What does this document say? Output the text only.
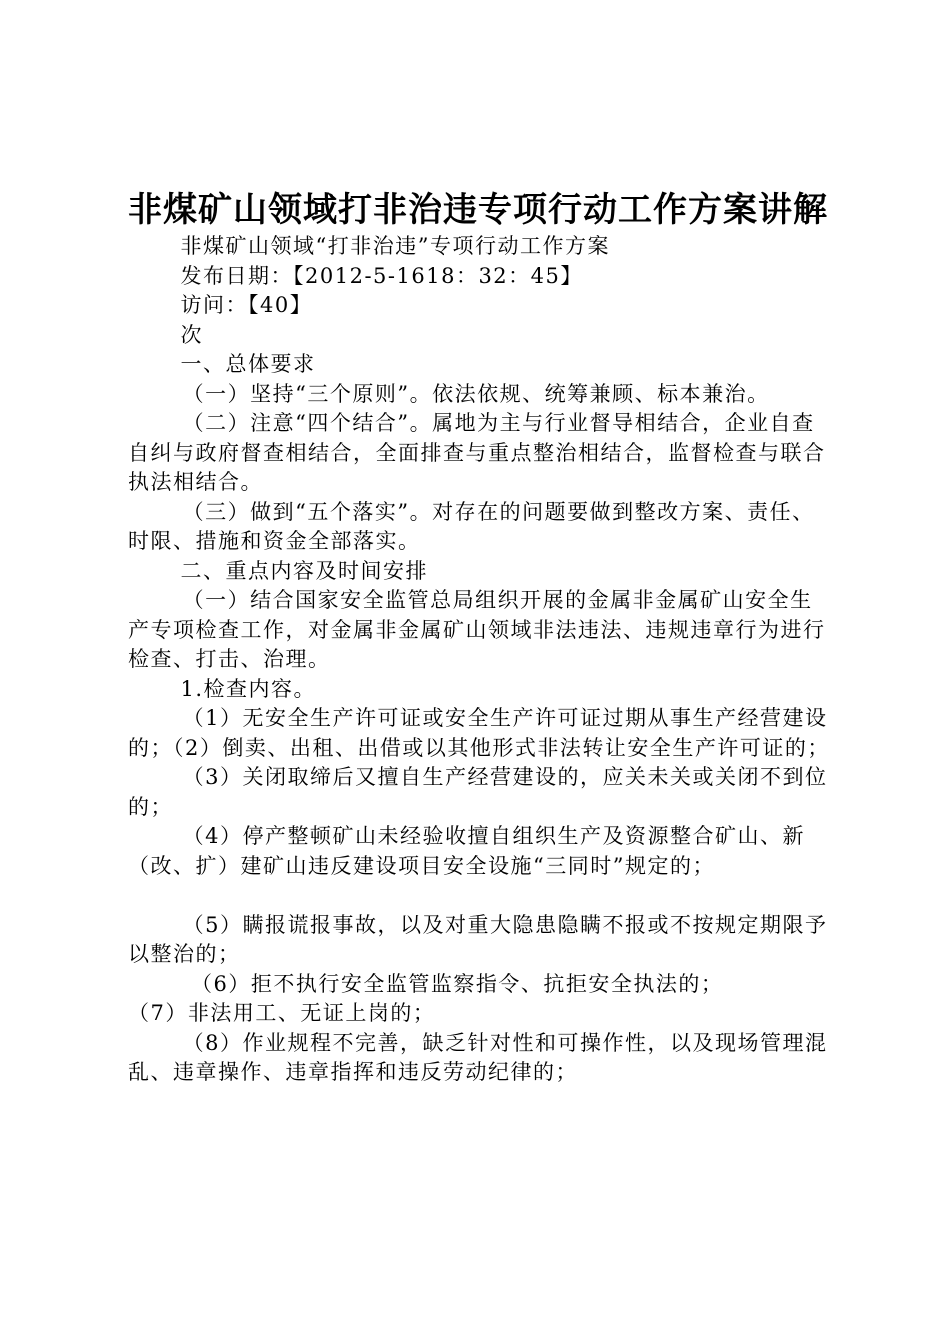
非煤矿山领域打非治违专项行动工作方案讲解

非煤矿山领域“打非治违”专项行动工作方案

发布日期：【2012-5-1618：32：45】

访问：【40】

次

一、总体要求

（一）坚持“三个原则”。依法依规、统筹兼顾、标本兼治。

（二）注意“四个结合”。属地为主与行业督导相结合，企业自查自纠与政府督查相结合，全面排查与重点整治相结合，监督检查与联合执法相结合。

（三）做到“五个落实”。对存在的问题要做到整改方案、责任、时限、措施和资金全部落实。

二、重点内容及时间安排

（一）结合国家安全监管总局组织开展的金属非金属矿山安全生产专项检查工作，对金属非金属矿山领域非法违法、违规违章行为进行检查、打击、治理。

1.检查内容。

（1）无安全生产许可证或安全生产许可证过期从事生产经营建设的；（2）倒卖、出租、出借或以其他形式非法转让安全生产许可证的；

（3）关闭取缔后又擅自生产经营建设的，应关未关或关闭不到位的；

（4）停产整顿矿山未经验收擅自组织生产及资源整合矿山、新（改、扩）建矿山违反建设项目安全设施“三同时”规定的；

（5）瞒报谎报事故，以及对重大隐患隐瞒不报或不按规定期限予以整治的；

（6）拒不执行安全监管监察指令、抗拒安全执法的；

（7）非法用工、无证上岗的；

（8）作业规程不完善，缺乏针对性和可操作性，以及现场管理混乱、违章操作、违章指挥和违反劳动纪律的；
